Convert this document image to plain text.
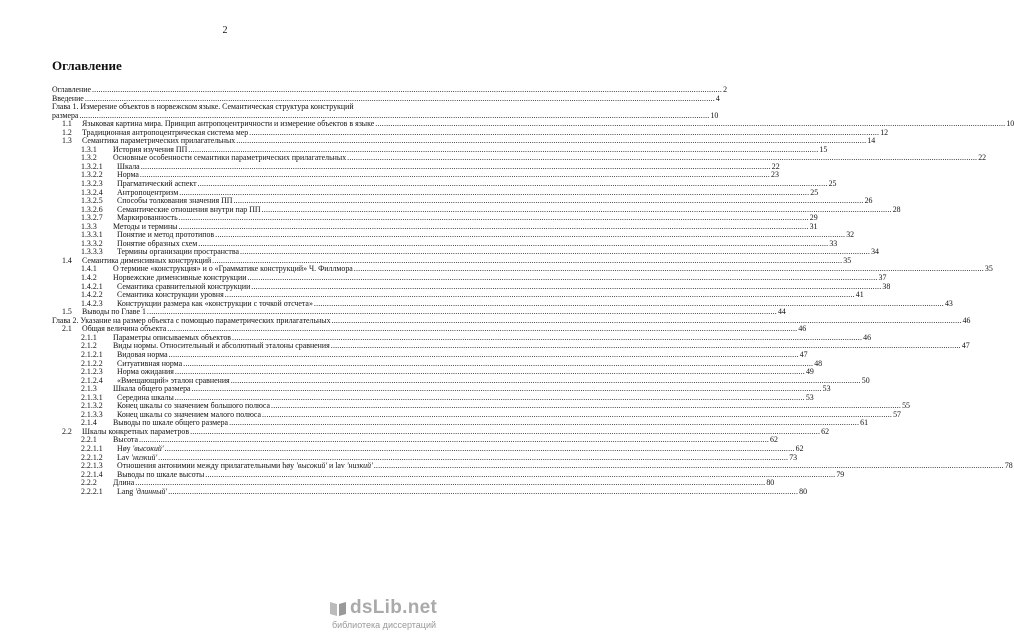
2
Оглавление
Оглавление .....	2
Введение .....	4
Глава 1. Измерение объектов в норвежском языке. Семантическая структура конструкций
размера .....	10
1.1	Языковая картина мира. Принцип антропоцентричности и измерение объектов в языке .....	10
1.2	Традиционная антропоцентрическая система мер .....	12
1.3	Семантика параметрических прилагательных .....	14
1.3.1	История изучения ПП .....	15
1.3.2	Основные особенности семантики параметрических прилагательных .....	22
1.3.2.1	Шкала .....	22
1.3.2.2	Норма .....	23
1.3.2.3	Прагматический аспект .....	25
1.3.2.4	Антропоцентризм .....	25
1.3.2.5	Способы толкования значения ПП .....	26
1.3.2.6	Семантические отношения внутри пар ПП .....	28
1.3.2.7	Маркированность .....	29
1.3.3	Методы и термины .....	31
1.3.3.1	Понятие и метод прототипов .....	32
1.3.3.2	Понятие образных схем .....	33
1.3.3.3	Термины организации пространства .....	34
1.4	Семантика дименсивных конструкций .....	35
1.4.1	О термине «конструкция» и о «Грамматике конструкций» Ч. Филлмора .....	35
1.4.2	Норвежские дименсивные конструкции .....	37
1.4.2.1	Семантика сравнительной конструкции .....	38
1.4.2.2	Семантика конструкции уровня .....	41
1.4.2.3	Конструкции размера как «конструкции с точкой отсчета» .....	43
1.5	Выводы по Главе 1 .....	44
Глава 2. Указание на размер объекта с помощью параметрических прилагательных .....	46
2.1	Общая величина объекта .....	46
2.1.1	Параметры описываемых объектов .....	46
2.1.2	Виды нормы. Относительный и абсолютный эталоны сравнения .....	47
2.1.2.1	Видовая норма .....	47
2.1.2.2	Ситуативная норма .....	48
2.1.2.3	Норма ожидания .....	49
2.1.2.4	«Вмещающий» эталон сравнения .....	50
2.1.3	Шкала общего размера .....	53
2.1.3.1	Середина шкалы .....	53
2.1.3.2	Конец шкалы со значением большого полюса .....	55
2.1.3.3	Конец шкалы со значением малого полюса .....	57
2.1.4	Выводы по шкале общего размера .....	61
2.2	Шкалы конкретных параметров .....	62
2.2.1	Высота .....	62
2.2.1.1	Høy 'высокий' .....	62
2.2.1.2	Lav 'низкий' .....	73
2.2.1.3	Отношения антонимии между прилагательными høy 'высокий' и lav 'низкий' .....	78
2.2.1.4	Выводы по шкале высоты .....	79
2.2.2	Длина .....	80
2.2.2.1	Lang 'длинный' .....	80
dsLib.net
библиотека диссертаций
